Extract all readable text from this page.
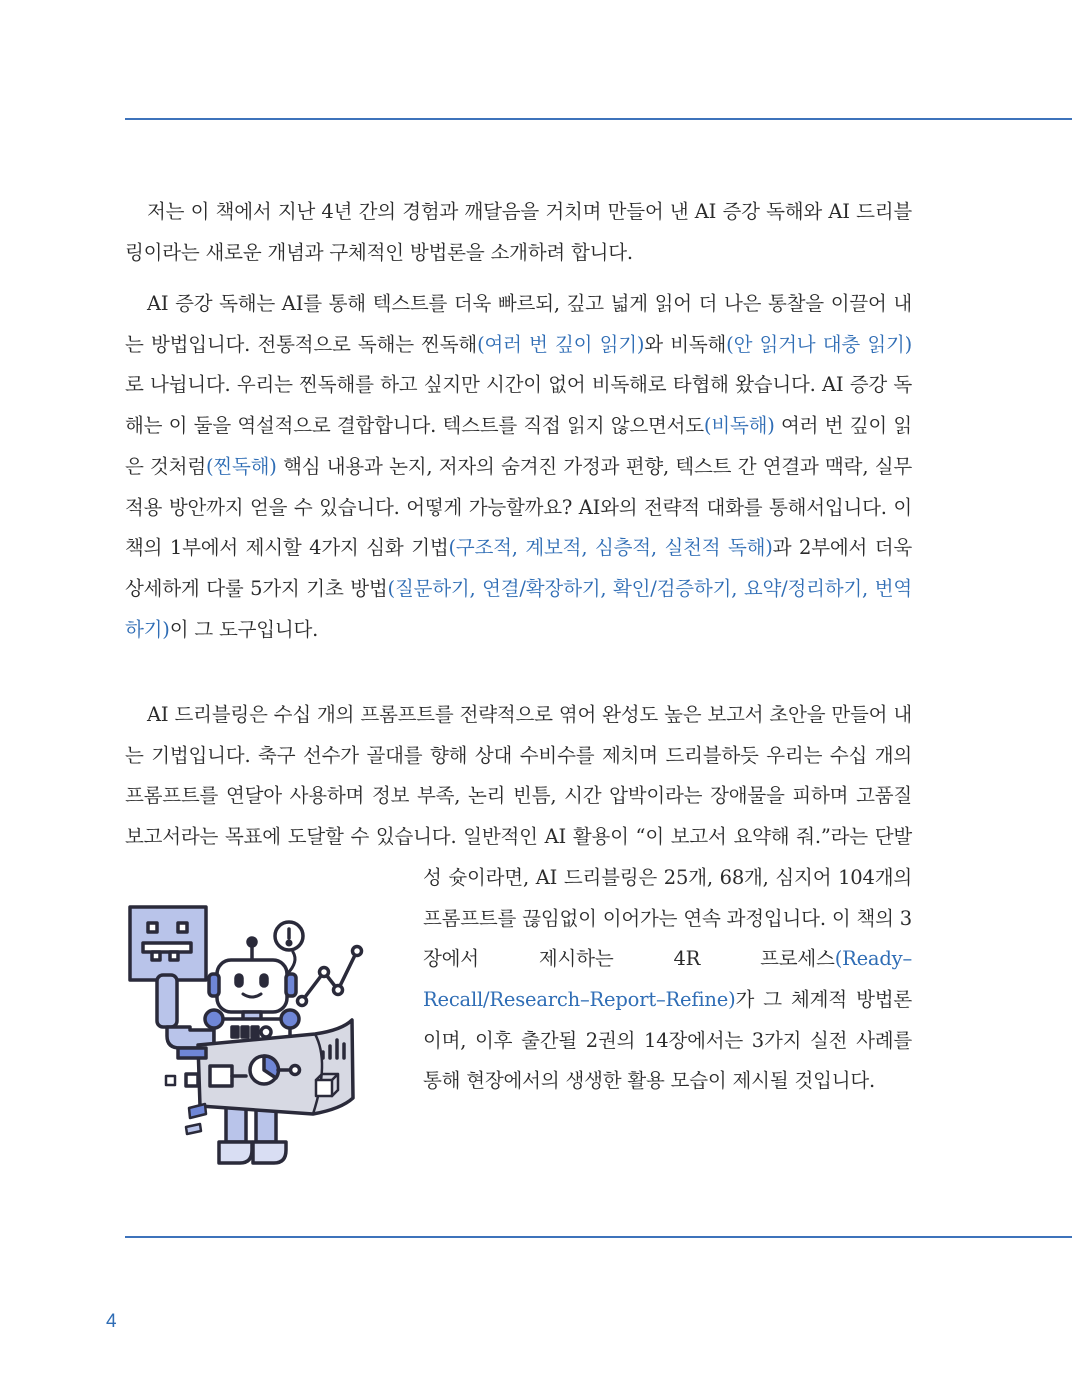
저는 이 책에서 지난 4년 간의 경험과 깨달음을 거치며 만들어 낸 AI 증강 독해와 AI 드리블링이라는 새로운 개념과 구체적인 방법론을 소개하려 합니다.

AI 증강 독해는 AI를 통해 텍스트를 더욱 빠르되, 깊고 넓게 읽어 더 나은 통찰을 이끌어 내는 방법입니다. 전통적으로 독해는 찐독해(여러 번 깊이 읽기)와 비독해(안 읽거나 대충 읽기)로 나뉩니다. 우리는 찐독해를 하고 싶지만 시간이 없어 비독해로 타협해 왔습니다. AI 증강 독해는 이 둘을 역설적으로 결합합니다. 텍스트를 직접 읽지 않으면서도(비독해) 여러 번 깊이 읽은 것처럼(찐독해) 핵심 내용과 논지, 저자의 숨겨진 가정과 편향, 텍스트 간 연결과 맥락, 실무 적용 방안까지 얻을 수 있습니다. 어떻게 가능할까요? AI와의 전략적 대화를 통해서입니다. 이 책의 1부에서 제시할 4가지 심화 기법(구조적, 계보적, 심층적, 실천적 독해)과 2부에서 더욱 상세하게 다룰 5가지 기초 방법(질문하기, 연결/확장하기, 확인/검증하기, 요약/정리하기, 번역하기)이 그 도구입니다.

AI 드리블링은 수십 개의 프롬프트를 전략적으로 엮어 완성도 높은 보고서 초안을 만들어 내는 기법입니다. 축구 선수가 골대를 향해 상대 수비수를 제치며 드리블하듯 우리는 수십 개의 프롬프트를 연달아 사용하며 정보 부족, 논리 빈틈, 시간 압박이라는 장애물을 피하며 고품질 보고서라는 목표에 도달할 수 있습니다. 일반적인 AI 활용이 “이 보고서 요
약해 줘.”라는 단발성 슛이라면, AI 드리블링은 25개, 68개, 심지어 104개의 프롬프트를 끊임없이 이어가는 연속 과정입니다. 이 책의 3장에서 제시하는 4R 프로세스(Ready–Recall/Research–Report–Refine)가 그 체계적 방법론이며, 이후 출간될 2권의 14장에서는 3가지 실전 사례를 통해 현장에서의 생생한 활용 모습이 제시될 것입니다.

4
